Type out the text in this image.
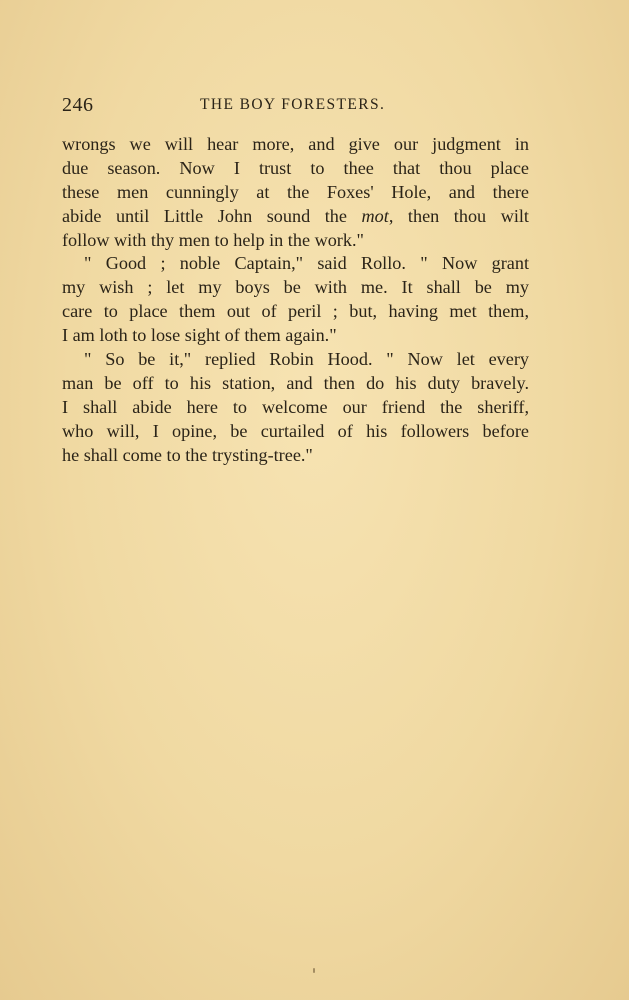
246	THE BOY FORESTERS.
wrongs we will hear more, and give our judgment in
due season. Now I trust to thee that thou place
these men cunningly at the Foxes' Hole, and there
abide until Little John sound the mot, then thou wilt
follow with thy men to help in the work."
" Good ; noble Captain," said Rollo. " Now grant
my wish ; let my boys be with me. It shall be my
care to place them out of peril ; but, having met them,
I am loth to lose sight of them again."
" So be it," replied Robin Hood. " Now let every
man be off to his station, and then do his duty bravely.
I shall abide here to welcome our friend the sheriff,
who will, I opine, be curtailed of his followers before
he shall come to the trysting-tree."
